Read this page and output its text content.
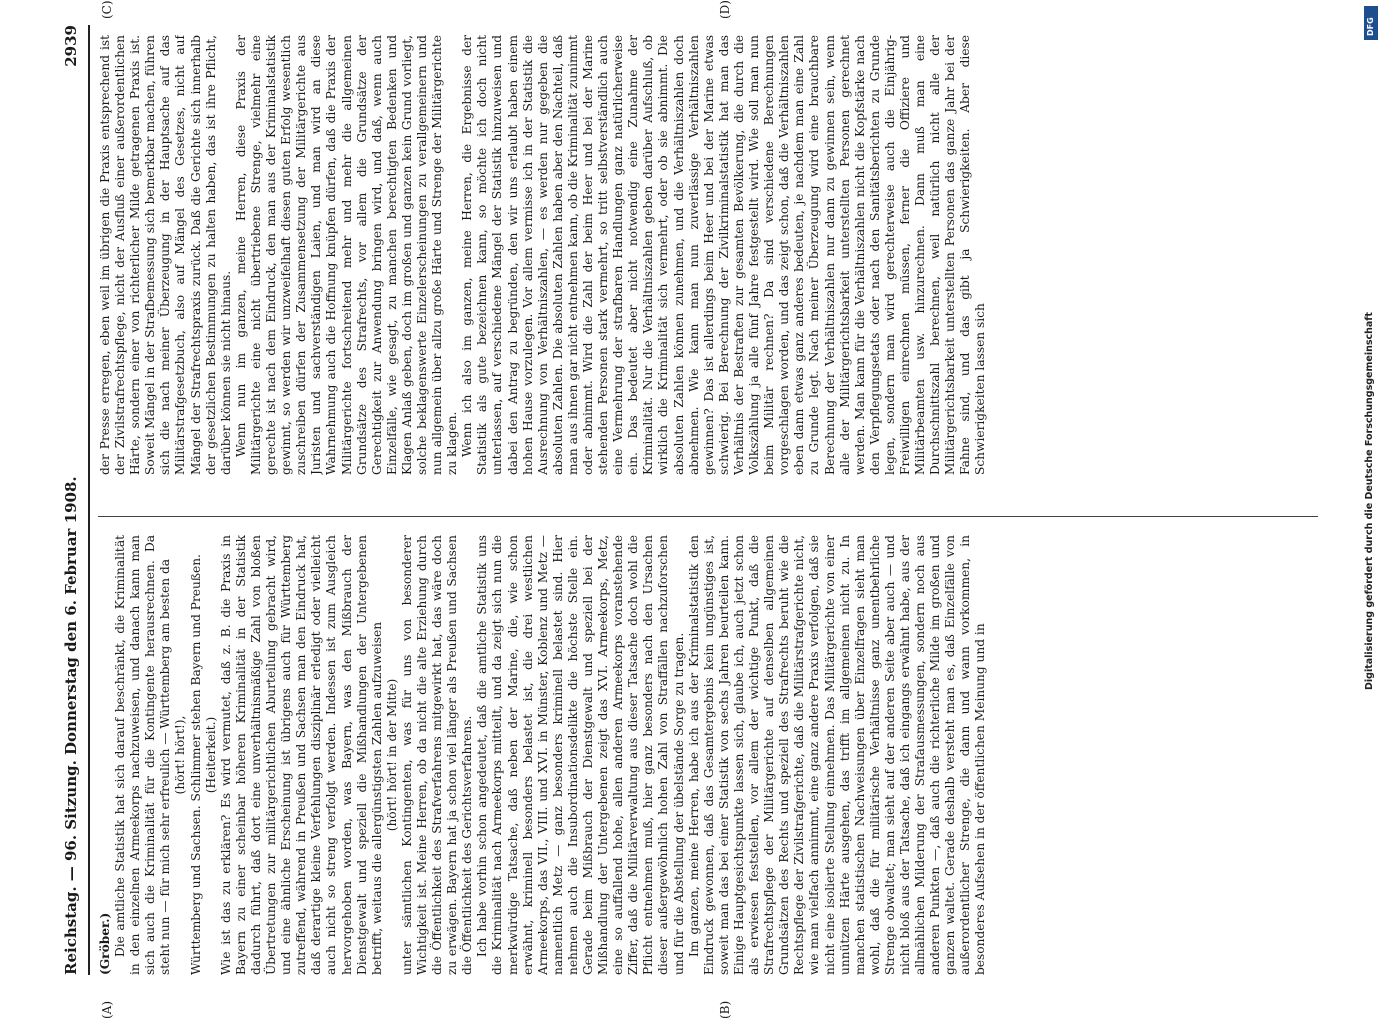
Reichstag. — 96. Sitzung. Donnerstag den 6. Februar 1908.
2939

(Gröber.) Die amtliche Statistik hat sich darauf beschränkt, die Kriminalität in den einzelnen Armeekorps nachzuweisen, und danach kann man sich auch die Kriminalität für die Kontingente herausrechnen. Da steht nun — für mich sehr erfreulich — Württemberg am besten da (hört! hört!), Württemberg und Sachsen. Schlimmer stehen Bayern und Preußen. (Heiterkeit.) Wie ist das zu erklären? Es wird vermutet, daß z. B. die Praxis in Bayern zu einer scheinbar höheren Kriminalität in der Statistik dadurch führt, daß dort eine unverhältnismäßige Zahl von bloßen Übertretungen zur militärgerichtlichen Aburteilung gebracht wird, und eine ähnliche Erscheinung ist übrigens auch für Württemberg zutreffend, während in Preußen und Sachsen man den Eindruck hat, daß derartige kleine Verfehlungen disziplinär erledigt oder vielleicht auch nicht so streng verfolgt werden. Indessen ist zum Ausgleich hervorgehoben worden, was Bayern, was den Mißbrauch der Dienstgewalt und speziell die Mißhandlungen der Untergebenen betrifft, weitaus die allergünstigsten Zahlen aufzuweisen (hört! hört! in der Mitte) unter sämtlichen Kontingenten, was für uns von besonderer Wichtigkeit ist. Meine Herren, ob da nicht die alte Erziehung durch die Öffentlichkeit des Strafverfahrens mitgewirkt hat, das wäre doch zu erwägen. Bayern hat ja schon viel länger als Preußen und Sachsen die Öffentlichkeit des Gerichtsverfahrens. Ich habe vorhin schon angedeutet, daß die amtliche Statistik uns die Kriminalität nach Armeekorps mitteilt, und da zeigt sich nun die merkwürdige Tatsache, daß neben der Marine, die, wie schon erwähnt, kriminell besonders belastet ist, die drei westlichen Armeekorps, das VII., VIII. und XVI. in Münster, Koblenz und Metz — namentlich Metz — ganz besonders kriminell belastet sind. Hier nehmen auch die Insubordinationsdelikte die höchste Stelle ein. Gerade beim Mißbrauch der Dienstgewalt und speziell bei der Mißhandlung der Untergebenen zeigt das XVI. Armeekorps, Metz, eine so auffallend hohe, allen anderen Armeekorps voranstehende Ziffer, daß die Militärverwaltung aus dieser Tatsache doch wohl die Pflicht entnehmen muß, hier ganz besonders nach den Ursachen dieser außergewöhnlich hohen Zahl von Straffällen nachzuforschen und für die Abstellung der übelstände Sorge zu tragen. Im ganzen, meine Herren, habe ich aus der Kriminalstatistik den Eindruck gewonnen, daß das Gesamtergebnis kein ungünstiges ist, soweit man das bei einer Statistik von sechs Jahren beurteilen kann. Einige Hauptgesichtspunkte lassen sich, glaube ich, auch jetzt schon als erwiesen feststellen, vor allem der wichtige Punkt, daß die Strafrechtspflege der Militärgerichte auf denselben allgemeinen Grundsätzen des Rechts und speziell des Strafrechts beruht wie die Rechtspflege der Zivilstrafgerichte, daß die Militärstrafgerichte nicht, wie man vielfach annimmt, eine ganz andere Praxis verfolgen, daß sie nicht eine isolierte Stellung einnehmen. Das Militärgerichte von einer unnützen Härte ausgehen, das trifft im allgemeinen nicht zu. In manchen statistischen Nachweisungen über Einzelfragen sieht man wohl, daß die für militärische Verhältnisse ganz unentbehrliche Strenge obwaltet; man sieht auf der anderen Seite aber auch — und nicht bloß aus der Tatsache, daß ich eingangs erwähnt habe, aus der allmählichen Milderung der Strafausmessungen, sondern noch aus anderen Punkten —, daß auch die richterliche Milde im großen und ganzen waltet. Gerade deshalb versteht man es, daß Einzelfälle von außerordentlicher Strenge, die dann und wann vorkommen, in besonderes Aufsehen in der öffentlichen Meinung und in

der Presse erregen, eben weil im übrigen die Praxis entsprechend ist der Zivilstrafrechtspflege, nicht der Ausfluß einer außerordentlichen Härte, sondern einer von richterlicher Milde getragenen Praxis ist. Soweit Mängel in der Strafbemessung sich bemerkbar machen, führen sich die nach meiner Überzeugung in der Hauptsache auf das Militärstrafgesetzbuch, also auf Mängel des Gesetzes, nicht auf Mängel der Strafrechtspraxis zurück. Daß die Gerichte sich innerhalb der gesetzlichen Bestimmungen zu halten haben, das ist ihre Pflicht, darüber können sie nicht hinaus. Wenn nun im ganzen, meine Herren, diese Praxis der Militärgerichte eine nicht übertriebene Strenge, vielmehr eine gerechte ist nach dem Eindruck, den man aus der Kriminalstatistik gewinnt, so werden wir unzweifelhaft diesen guten Erfolg wesentlich zuschreiben dürfen der Zusammensetzung der Militärgerichte aus Juristen und sachverständigen Laien, und man wird an diese Wahrnehmung auch die Hoffnung knüpfen dürfen, daß die Praxis der Militärgerichte fortschreitend mehr und mehr die allgemeinen Grundsätze des Strafrechts, vor allem die Grundsätze der Gerechtigkeit zur Anwendung bringen wird, und daß, wenn auch Einzelfälle, wie gesagt, zu manchen berechtigten Bedenken und Klagen Anlaß geben, doch im großen und ganzen kein Grund vorliegt, solche beklagenswerte Einzelerscheinungen zu verallgemeinern und nun allgemein über allzu große Härte und Strenge der Militärgerichte zu klagen. Wenn ich also im ganzen, meine Herren, die Ergebnisse der Statistik als gute bezeichnen kann, so möchte ich doch nicht unterlassen, auf verschiedene Mängel der Statistik hinzuweisen und dabei den Antrag zu begründen, den wir uns erlaubt haben einem hohen Hause vorzulegen. Vor allem vermisse ich in der Statistik die Ausrechnung von Verhältniszahlen, — es werden nur gegeben die absoluten Zahlen. Die absoluten Zahlen haben aber den Nachteil, daß man aus ihnen gar nicht entnehmen kann, ob die Kriminalität zunimmt oder abnimmt. Wird die Zahl der beim Heer und bei der Marine stehenden Personen stark vermehrt, so tritt selbstverständlich auch eine Vermehrung der strafbaren Handlungen ganz natürlicherweise ein. Das bedeutet aber nicht notwendig eine Zunahme der Kriminalität. Nur die Verhältniszahlen geben darüber Aufschluß, ob wirklich die Kriminalität sich vermehrt, oder ob sie abnimmt. Die absoluten Zahlen können zunehmen, und die Verhältniszahlen doch abnehmen. Wie kann man nun zuverlässige Verhältniszahlen gewinnen? Das ist allerdings beim Heer und bei der Marine etwas schwierig. Bei Berechnung der Zivilkriminalstatistik hat man das Verhältnis der Bestraften zur gesamten Bevölkerung, die durch die Volkszählung ja alle fünf Jahre festgestellt wird. Wie soll man nun beim Militär rechnen? Da sind verschiedene Berechnungen vorgeschlagen worden, und das zeigt schon, daß die Verhältniszahlen eben dann etwas ganz anderes bedeuten, je nachdem man eine Zahl zu Grunde legt. Nach meiner Überzeugung wird eine brauchbare Berechnung der Verhältniszahlen nur dann zu gewinnen sein, wenn alle der Militärgerichtsbarkeit unterstellten Personen gerechnet werden. Man kann für die Verhältniszahlen nicht die Kopfstärke nach den Verpflegungsetats oder nach den Sanitätsberichten zu Grunde legen, sondern man wird gerechterweise auch die Einjährig-Freiwilligen einrechnen müssen, ferner die Offiziere und Militärbeamten usw. hinzurechnen. Dann muß man eine Durchschnittszahl berechnen, weil natürlich nicht alle der Militärgerichtsbarkeit unterstellten Personen das ganze Jahr bei der Fahne sind, und das gibt ja Schwierigkeiten. Aber diese Schwierigkeiten lassen sich

(A)	(B)
(C)	(D)
DFG
Digitalisierung gefördert durch die Deutsche Forschungsgemeinschaft
